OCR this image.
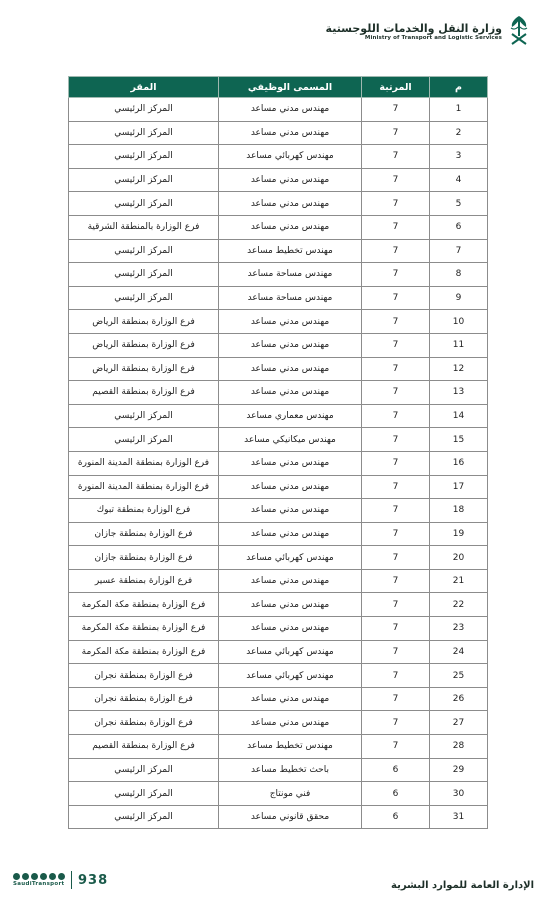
وزارة النقل والخدمات اللوجستية
Ministry of Transport and Logistic Services
م	المرتبة	المسمى الوظيفي	المقر
1	7	مهندس مدني مساعد	المركز الرئيسي
2	7	مهندس مدني مساعد	المركز الرئيسي
3	7	مهندس كهربائي مساعد	المركز الرئيسي
4	7	مهندس مدني مساعد	المركز الرئيسي
5	7	مهندس مدني مساعد	المركز الرئيسي
6	7	مهندس مدني مساعد	فرع الوزارة بالمنطقة الشرقية
7	7	مهندس تخطيط مساعد	المركز الرئيسي
8	7	مهندس مساحة مساعد	المركز الرئيسي
9	7	مهندس مساحة مساعد	المركز الرئيسي
10	7	مهندس مدني مساعد	فرع الوزارة بمنطقة الرياض
11	7	مهندس مدني مساعد	فرع الوزارة بمنطقة الرياض
12	7	مهندس مدني مساعد	فرع الوزارة بمنطقة الرياض
13	7	مهندس مدني مساعد	فرع الوزارة بمنطقة القصيم
14	7	مهندس معماري مساعد	المركز الرئيسي
15	7	مهندس ميكانيكي مساعد	المركز الرئيسي
16	7	مهندس مدني مساعد	فرع الوزارة بمنطقة المدينة المنورة
17	7	مهندس مدني مساعد	فرع الوزارة بمنطقة المدينة المنورة
18	7	مهندس مدني مساعد	فرع الوزارة بمنطقة تبوك
19	7	مهندس مدني مساعد	فرع الوزارة بمنطقة جازان
20	7	مهندس كهربائي مساعد	فرع الوزارة بمنطقة جازان
21	7	مهندس مدني مساعد	فرع الوزارة بمنطقة عسير
22	7	مهندس مدني مساعد	فرع الوزارة بمنطقة مكة المكرمة
23	7	مهندس مدني مساعد	فرع الوزارة بمنطقة مكة المكرمة
24	7	مهندس كهربائي مساعد	فرع الوزارة بمنطقة مكة المكرمة
25	7	مهندس كهربائي مساعد	فرع الوزارة بمنطقة نجران
26	7	مهندس مدني مساعد	فرع الوزارة بمنطقة نجران
27	7	مهندس مدني مساعد	فرع الوزارة بمنطقة نجران
28	7	مهندس تخطيط مساعد	فرع الوزارة بمنطقة القصيم
29	6	باحث تخطيط مساعد	المركز الرئيسي
30	6	فني مونتاج	المركز الرئيسي
31	6	محقق قانوني مساعد	المركز الرئيسي
SaudiTransport 938	الإدارة العامة للموارد البشرية
